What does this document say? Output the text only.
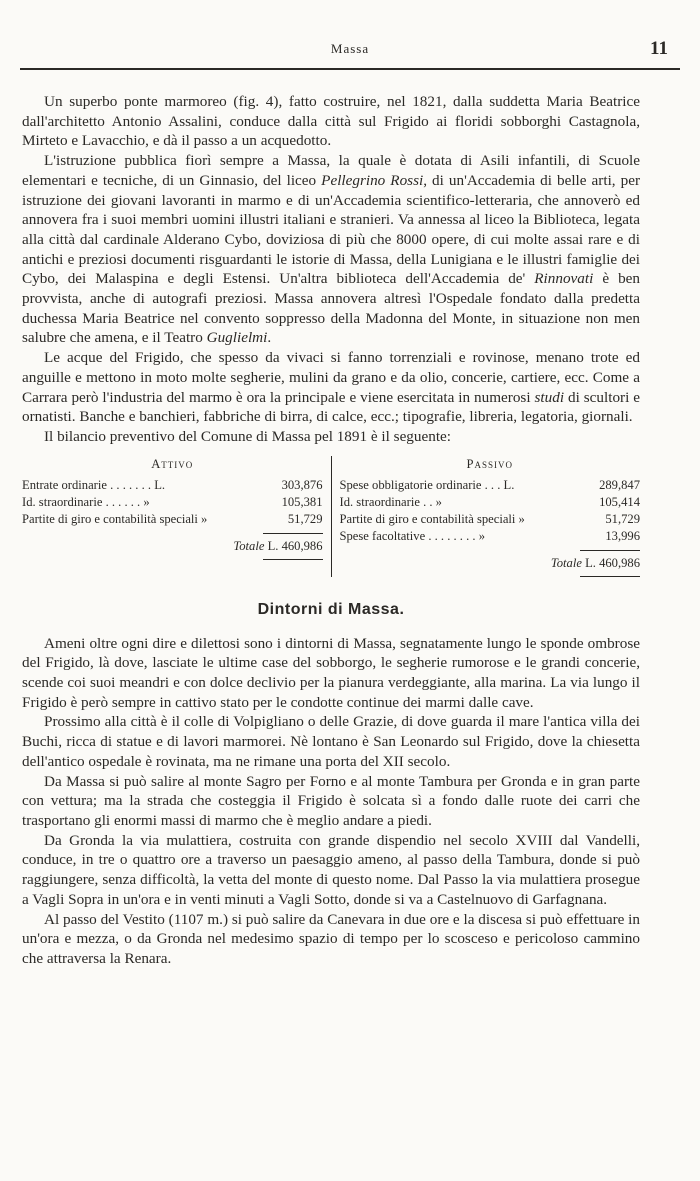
Massa	11

Un superbo ponte marmoreo (fig. 4), fatto costruire, nel 1821, dalla suddetta Maria Beatrice dall'architetto Antonio Assalini, conduce dalla città sul Frigido ai floridi sobborghi Castagnola, Mirteto e Lavacchio, e dà il passo a un acquedotto.

L'istruzione pubblica fiorì sempre a Massa, la quale è dotata di Asili infantili, di Scuole elementari e tecniche, di un Ginnasio, del liceo Pellegrino Rossi, di un'Accademia di belle arti, per istruzione dei giovani lavoranti in marmo e di un'Accademia scientifico-letteraria, che annoverò ed annovera fra i suoi membri uomini illustri italiani e stranieri. Va annessa al liceo la Biblioteca, legata alla città dal cardinale Alderano Cybo, doviziosa di più che 8000 opere, di cui molte assai rare e di antichi e preziosi documenti risguardanti le istorie di Massa, della Lunigiana e le illustri famiglie dei Cybo, dei Malaspina e degli Estensi. Un'altra biblioteca dell'Accademia de' Rinnovati è ben provvista, anche di autografi preziosi. Massa annovera altresì l'Ospedale fondato dalla predetta duchessa Maria Beatrice nel convento soppresso della Madonna del Monte, in situazione non men salubre che amena, e il Teatro Guglielmi.

Le acque del Frigido, che spesso da vivaci si fanno torrenziali e rovinose, menano trote ed anguille e mettono in moto molte segherie, mulini da grano e da olio, concerie, cartiere, ecc. Come a Carrara però l'industria del marmo è ora la principale e viene esercitata in numerosi studi di scultori e ornatisti. Banche e banchieri, fabbriche di birra, di calce, ecc.; tipografie, libreria, legatoria, giornali.

Il bilancio preventivo del Comune di Massa pel 1891 è il seguente:

Attivo
Entrate ordinarie . . . . . . . L.	303,876
Id. straordinarie . . . . . . »	105,381
Partite di giro e contabilità speciali »	51,729
Totale L. 460,986
Passivo
Spese obbligatorie ordinarie . . . L.	289,847
Id. straordinarie . . »	105,414
Partite di giro e contabilità speciali »	51,729
Spese facoltative . . . . . . . . »	13,996
Totale L. 460,986
Dintorni di Massa.

Ameni oltre ogni dire e dilettosi sono i dintorni di Massa, segnatamente lungo le sponde ombrose del Frigido, là dove, lasciate le ultime case del sobborgo, le segherie rumorose e le grandi concerie, scende coi suoi meandri e con dolce declivio per la pianura verdeggiante, alla marina. La via lungo il Frigido è però sempre in cattivo stato per le condotte continue dei marmi dalle cave.

Prossimo alla città è il colle di Volpigliano o delle Grazie, di dove guarda il mare l'antica villa dei Buchi, ricca di statue e di lavori marmorei. Nè lontano è San Leonardo sul Frigido, dove la chiesetta dell'antico ospedale è rovinata, ma ne rimane una porta del XII secolo.

Da Massa si può salire al monte Sagro per Forno e al monte Tambura per Gronda e in gran parte con vettura; ma la strada che costeggia il Frigido è solcata sì a fondo dalle ruote dei carri che trasportano gli enormi massi di marmo che è meglio andare a piedi.

Da Gronda la via mulattiera, costruita con grande dispendio nel secolo XVIII dal Vandelli, conduce, in tre o quattro ore a traverso un paesaggio ameno, al passo della Tambura, donde si può raggiungere, senza difficoltà, la vetta del monte di questo nome. Dal Passo la via mulattiera prosegue a Vagli Sopra in un'ora e in venti minuti a Vagli Sotto, donde si va a Castelnuovo di Garfagnana.

Al passo del Vestito (1107 m.) si può salire da Canevara in due ore e la discesa si può effettuare in un'ora e mezza, o da Gronda nel medesimo spazio di tempo per lo scosceso e pericoloso cammino che attraversa la Renara.
